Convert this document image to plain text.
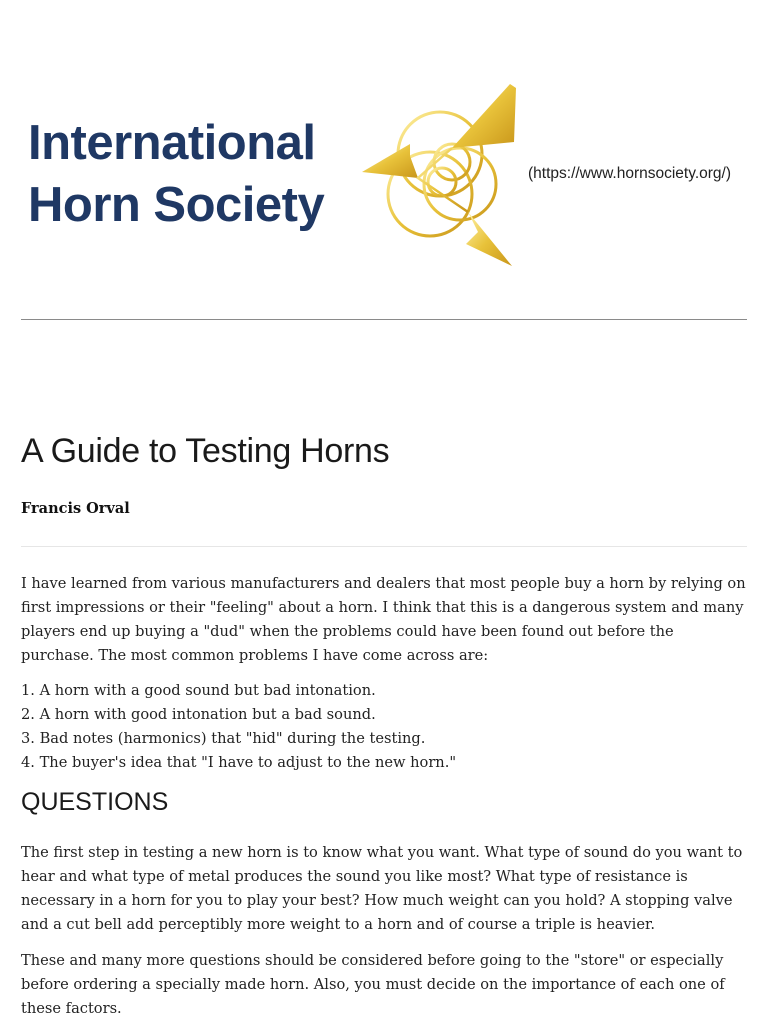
International
Horn Society
(https://www.hornsociety.org/)
A Guide to Testing Horns
Francis Orval

I have learned from various manufacturers and dealers that most people buy a horn by relying on first impressions or their "feeling" about a horn. I think that this is a dangerous system and many players end up buying a "dud" when the problems could have been found out before the purchase. The most common problems I have come across are:

1. A horn with a good sound but bad intonation.
2. A horn with good intonation but a bad sound.
3. Bad notes (harmonics) that "hid" during the testing.
4. The buyer's idea that "I have to adjust to the new horn."
QUESTIONS

The first step in testing a new horn is to know what you want. What type of sound do you want to hear and what type of metal produces the sound you like most? What type of resistance is necessary in a horn for you to play your best? How much weight can you hold? A stopping valve and a cut bell add perceptibly more weight to a horn and of course a triple is heavier.

These and many more questions should be considered before going to the "store" or especially before ordering a specially made horn. Also, you must decide on the importance of each one of these factors.
